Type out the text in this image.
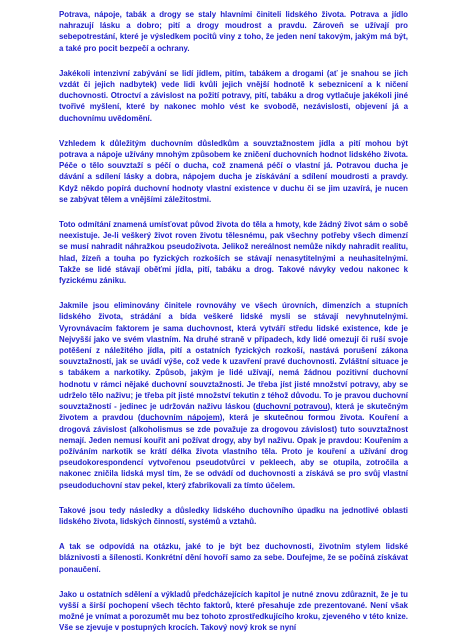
Potrava, nápoje, tabák a drogy se staly hlavními činiteli lidského života. Potrava a jídlo nahrazují lásku a dobro; pití a drogy moudrost a pravdu. Zároveň se užívají pro sebepotrestání, které je výsledkem pocitů viny z toho, že jeden není takovým, jakým má být, a také pro pocit bezpečí a ochrany.

Jakékoli intenzivní zabývání se lidí jídlem, pitím, tabákem a drogami (ať je snahou se jich vzdát či jejich nadbytek) vede lidi kvůli jejich vnější hodnotě k sebeznicení a k ničení duchovnosti. Otroctví a závislost na požití potravy, pití, tabáku a drog vytlačuje jakékoli jiné tvořivé myšlení, které by nakonec mohlo vést ke svobodě, nezávislosti, objevení já a duchovnímu uvědomění.

Vzhledem k důležitým duchovním důsledkům a souvztažnostem jídla a pití mohou být potrava a nápoje užívány mnohým způsobem ke zničení duchovních hodnot lidského života. Péče o tělo souvztaží s péčí o ducha, což znamená péčí o vlastní já. Potravou ducha je dávání a sdílení lásky a dobra, nápojem ducha je získávání a sdílení moudrosti a pravdy. Když někdo popírá duchovní hodnoty vlastní existence v duchu či se jim uzavírá, je nucen se zabývat tělem a vnějšími záležitostmi.

Toto odmítání znamená umísťovat původ života do těla a hmoty, kde žádný život sám o sobě neexistuje. Je-li veškerý život roven životu tělesnému, pak všechny potřeby všech dimenzí se musí nahradit náhražkou pseudoživota. Jelikož nereálnost nemůže nikdy nahradit realitu, hlad, žízeň a touha po fyzických rozkoších se stávají nenasytitelnými a neuhasitelnými. Takže se lidé stávají oběťmi jídla, pití, tabáku a drog. Takové návyky vedou nakonec k fyzickému zániku.

Jakmile jsou eliminovány činitele rovnováhy ve všech úrovních, dimenzích a stupních lidského života, strádání a bída veškeré lidské mysli se stávají nevyhnutelnými. Vyrovnávacím faktorem je sama duchovnost, která vytváří středu lidské existence, kde je Nejvyšší jako ve svém vlastním. Na druhé straně v případech, kdy lidé omezují či ruší svoje potěšení z náležitého jídla, pití a ostatních fyzických rozkoší, nastává porušení zákona souvztažností, jak se uvádí výše, což vede k uzavření pravé duchovnosti. Zvláštní situace je s tabákem a narkotiky. Způsob, jakým je lidé užívají, nemá žádnou pozitivní duchovní hodnotu v rámci nějaké duchovní souvztažnosti. Je třeba jíst jisté množství potravy, aby se udrželo tělo naživu; je třeba pít jisté množství tekutin z téhož důvodu. To je pravou duchovní souvztažností - jedinec je udržován naživu láskou (duchovní potravou), která je skutečným životem a pravdou (duchovním nápojem), která je skutečnou formou života. Kouření a drogová závislost (alkoholismus se zde považuje za drogovou závislost) tuto souvztažnost nemají. Jeden nemusí kouřit ani požívat drogy, aby byl naživu. Opak je pravdou: Kouřením a požíváním narkotik se krátí délka života vlastního těla. Proto je kouření a užívání drog pseudokorespondencí vytvořenou pseudotvůrci v pekleech, aby se otupila, zotročila a nakonec zničila lidská mysl tím, že se odvádí od duchovnosti a získává se pro svůj vlastní pseudoduchovní stav pekel, který zfabrikovali za tímto účelem.

Takové jsou tedy následky a důsledky lidského duchovního úpadku na jednotlivé oblasti lidského života, lidských činností, systémů a vztahů.

A tak se odpovídá na otázku, jaké to je být bez duchovnosti, životním stylem lidské bláznivosti a šílenosti. Konkrétní dění hovoří samo za sebe. Doufejme, že se počíná získávat ponaučení.

Jako u ostatních sdělení a výkladů předcházejících kapitol je nutné znovu zdůraznit, že je tu vyšší a širší pochopení všech těchto faktorů, které přesahuje zde prezentované. Není však možné je vnímat a porozumět mu bez tohoto zprostředkujícího kroku, zjeveného v této knize. Vše se zjevuje v postupných krocích. Takový nový krok se nyní
